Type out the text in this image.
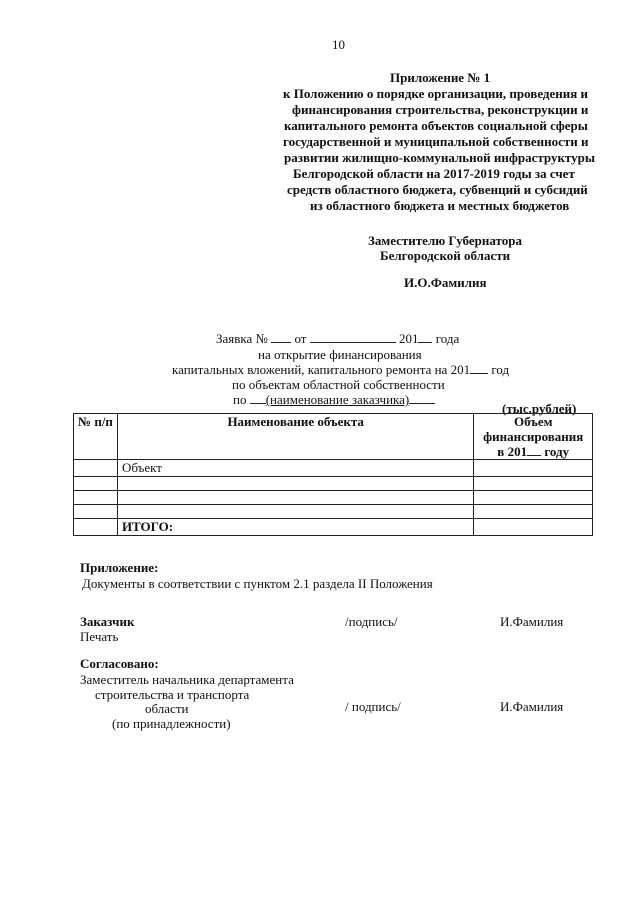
10
Приложение № 1
к Положению о порядке организации, проведения и
финансирования строительства, реконструкции и
капитального ремонта объектов социальной сферы
государственной и муниципальной собственности и
развитии жилищно-коммунальной инфраструктуры
Белгородской области на 2017-2019 годы за счет
средств областного бюджета, субвенций и субсидий
из областного бюджета и местных бюджетов
Заместителю Губернатора
Белгородской области
И.О.Фамилия
Заявка № от	201 года
на открытие финансирования
капитальных вложений, капитального ремонта на 201 год
по объектам областной собственности
по (наименование заказчика)
(тыс.рублей)
№ п/п	Наименование объекта	Объем финансирования
в 201 году
	Объект	

	ИТОГО:	
Приложение:
Документы в соответствии с пунктом 2.1 раздела II Положения
Заказчик
Печать
/подпись/	И.Фамилия
Согласовано:
Заместитель начальника департамента
строительства и транспорта
области
(по принадлежности)
/ подпись/	И.Фамилия
